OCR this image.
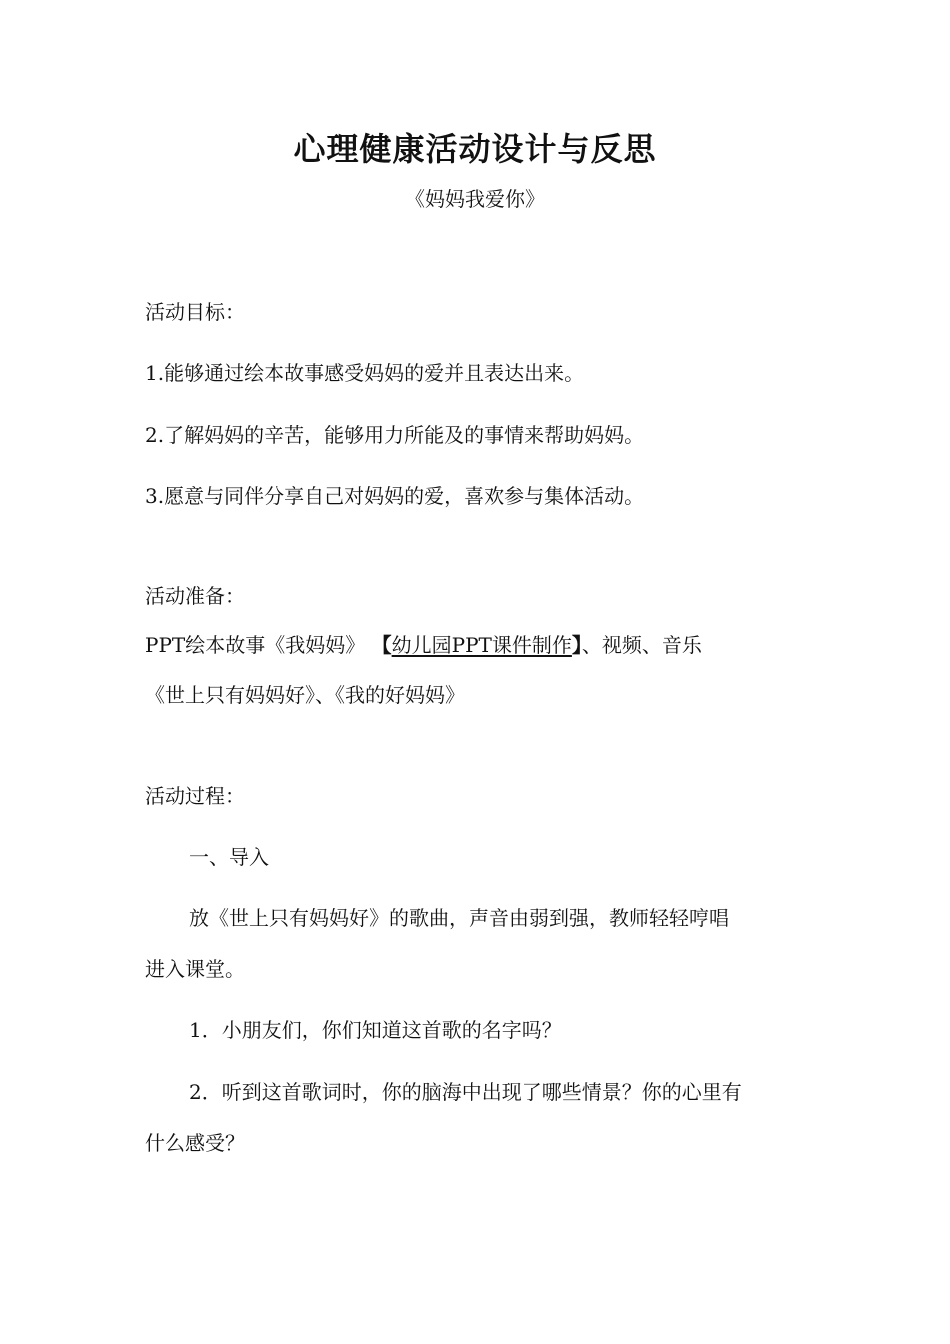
心理健康活动设计与反思
《妈妈我爱你》
活动目标：
1.能够通过绘本故事感受妈妈的爱并且表达出来。
2.了解妈妈的辛苦，能够用力所能及的事情来帮助妈妈。
3.愿意与同伴分享自己对妈妈的爱，喜欢参与集体活动。
活动准备：
PPT绘本故事《我妈妈》 【幼儿园PPT课件制作】、视频、音乐
《世上只有妈妈好》、《我的好妈妈》
活动过程：
一、导入
放《世上只有妈妈好》的歌曲，声音由弱到强，教师轻轻哼唱
进入课堂。
1．小朋友们，你们知道这首歌的名字吗？
2．听到这首歌词时，你的脑海中出现了哪些情景？你的心里有
什么感受？
